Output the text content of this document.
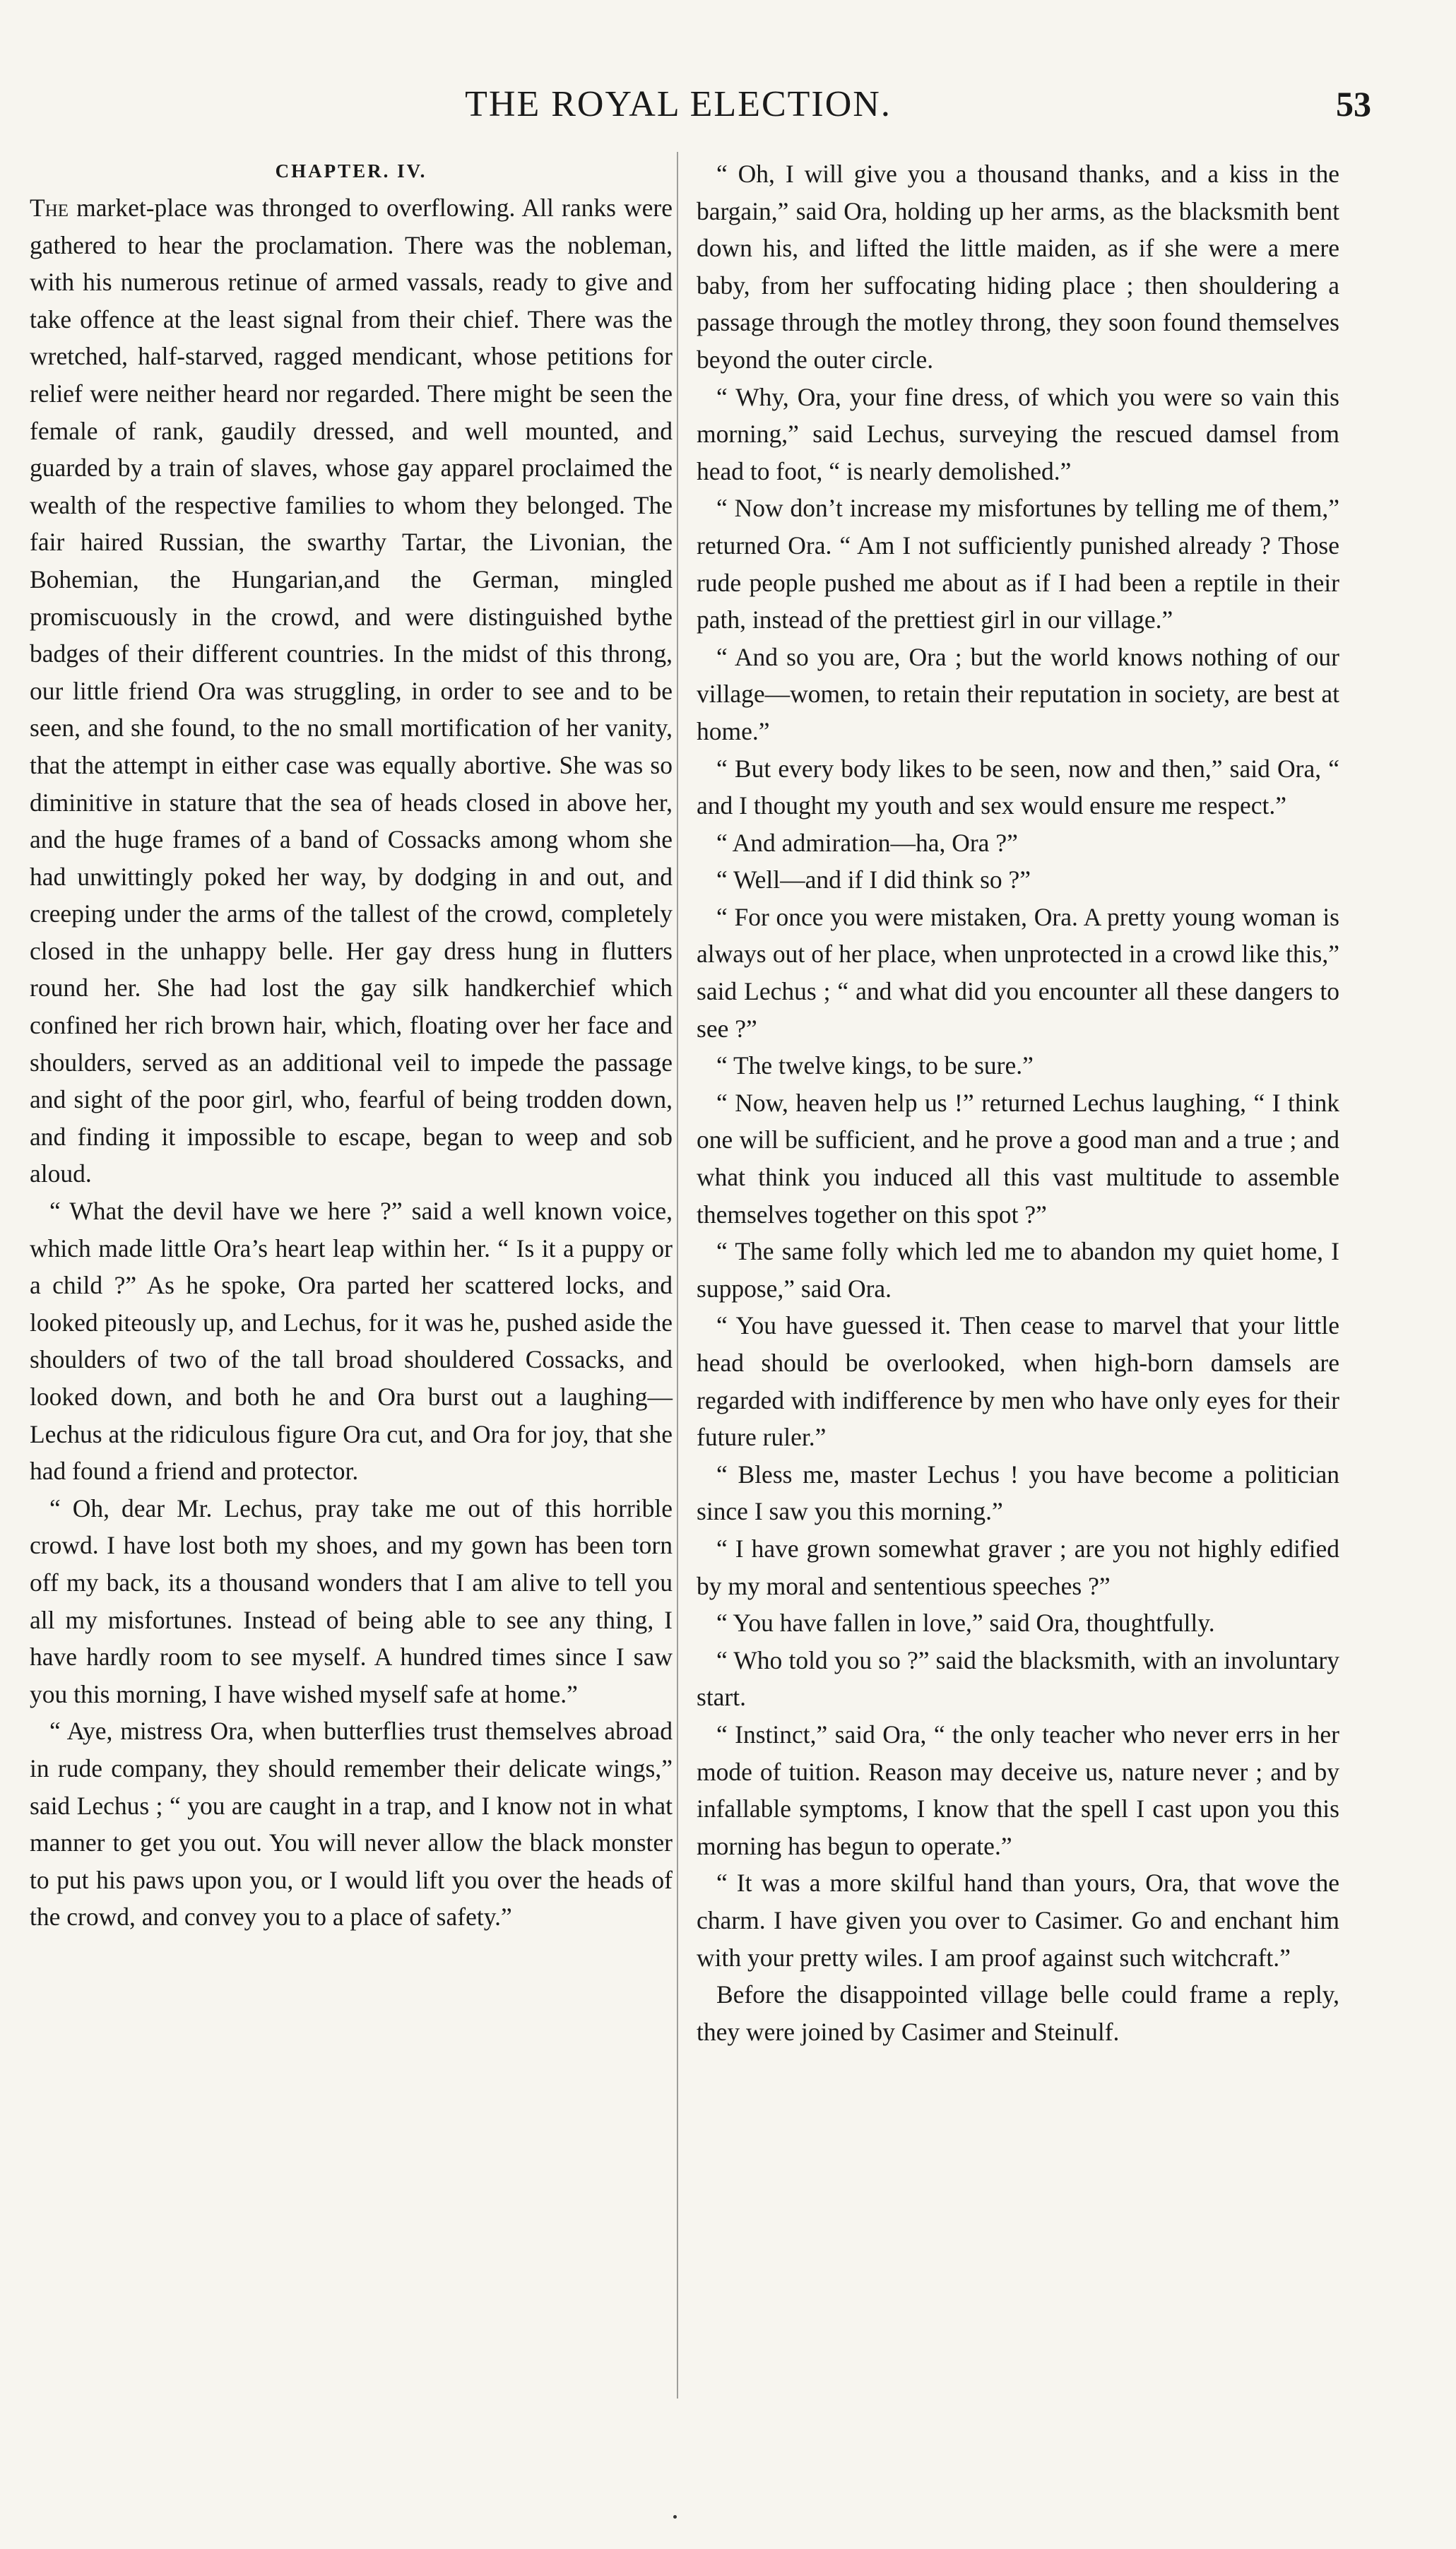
THE ROYAL ELECTION.	53
CHAPTER. IV.

The market-place was thronged to overflowing. All ranks were gathered to hear the proclamation. There was the nobleman, with his numerous retinue of armed vassals, ready to give and take offence at the least signal from their chief. There was the wretched, half-starved, ragged mendicant, whose petitions for relief were neither heard nor regarded. There might be seen the female of rank, gaudily dressed, and well mounted, and guarded by a train of slaves, whose gay apparel proclaimed the wealth of the respective families to whom they belonged. The fair haired Russian, the swarthy Tartar, the Livonian, the Bohemian, the Hungarian,and the German, mingled promiscuously in the crowd, and were distinguished bythe badges of their different countries. In the midst of this throng, our little friend Ora was struggling, in order to see and to be seen, and she found, to the no small mortification of her vanity, that the attempt in either case was equally abortive. She was so diminitive in stature that the sea of heads closed in above her, and the huge frames of a band of Cossacks among whom she had unwittingly poked her way, by dodging in and out, and creeping under the arms of the tallest of the crowd, completely closed in the unhappy belle. Her gay dress hung in flutters round her. She had lost the gay silk handkerchief which confined her rich brown hair, which, floating over her face and shoulders, served as an additional veil to impede the passage and sight of the poor girl, who, fearful of being trodden down, and finding it impossible to escape, began to weep and sob aloud.

“ What the devil have we here ?” said a well known voice, which made little Ora’s heart leap within her. “ Is it a puppy or a child ?” As he spoke, Ora parted her scattered locks, and looked piteously up, and Lechus, for it was he, pushed aside the shoulders of two of the tall broad shouldered Cossacks, and looked down, and both he and Ora burst out a laughing—Lechus at the ridiculous figure Ora cut, and Ora for joy, that she had found a friend and protector.

“ Oh, dear Mr. Lechus, pray take me out of this horrible crowd. I have lost both my shoes, and my gown has been torn off my back, its a thousand wonders that I am alive to tell you all my misfortunes. Instead of being able to see any thing, I have hardly room to see myself. A hundred times since I saw you this morning, I have wished myself safe at home.”

“ Aye, mistress Ora, when butterflies trust themselves abroad in rude company, they should remember their delicate wings,” said Lechus ; “ you are caught in a trap, and I know not in what manner to get you out. You will never allow the black monster to put his paws upon you, or I would lift you over the heads of the crowd, and convey you to a place of safety.”

“ Oh, I will give you a thousand thanks, and a kiss in the bargain,” said Ora, holding up her arms, as the blacksmith bent down his, and lifted the little maiden, as if she were a mere baby, from her suffocating hiding place ; then shouldering a passage through the motley throng, they soon found themselves beyond the outer circle.

“ Why, Ora, your fine dress, of which you were so vain this morning,” said Lechus, surveying the rescued damsel from head to foot, “ is nearly demolished.”

“ Now don’t increase my misfortunes by telling me of them,” returned Ora. “ Am I not sufficiently punished already ? Those rude people pushed me about as if I had been a reptile in their path, instead of the prettiest girl in our village.”

“ And so you are, Ora ; but the world knows nothing of our village—women, to retain their reputation in society, are best at home.”

“ But every body likes to be seen, now and then,” said Ora, “ and I thought my youth and sex would ensure me respect.”

“ And admiration—ha, Ora ?”

“ Well—and if I did think so ?”

“ For once you were mistaken, Ora. A pretty young woman is always out of her place, when unprotected in a crowd like this,” said Lechus ; “ and what did you encounter all these dangers to see ?”

“ The twelve kings, to be sure.”

“ Now, heaven help us !” returned Lechus laughing, “ I think one will be sufficient, and he prove a good man and a true ; and what think you induced all this vast multitude to assemble themselves together on this spot ?”

“ The same folly which led me to abandon my quiet home, I suppose,” said Ora.

“ You have guessed it. Then cease to marvel that your little head should be overlooked, when high-born damsels are regarded with indifference by men who have only eyes for their future ruler.”

“ Bless me, master Lechus ! you have become a politician since I saw you this morning.”

“ I have grown somewhat graver ; are you not highly edified by my moral and sententious speeches ?”

“ You have fallen in love,” said Ora, thoughtfully.

“ Who told you so ?” said the blacksmith, with an involuntary start.

“ Instinct,” said Ora, “ the only teacher who never errs in her mode of tuition. Reason may deceive us, nature never ; and by infallable symptoms, I know that the spell I cast upon you this morning has begun to operate.”

“ It was a more skilful hand than yours, Ora, that wove the charm. I have given you over to Casimer. Go and enchant him with your pretty wiles. I am proof against such witchcraft.”

Before the disappointed village belle could frame a reply, they were joined by Casimer and Steinulf.
